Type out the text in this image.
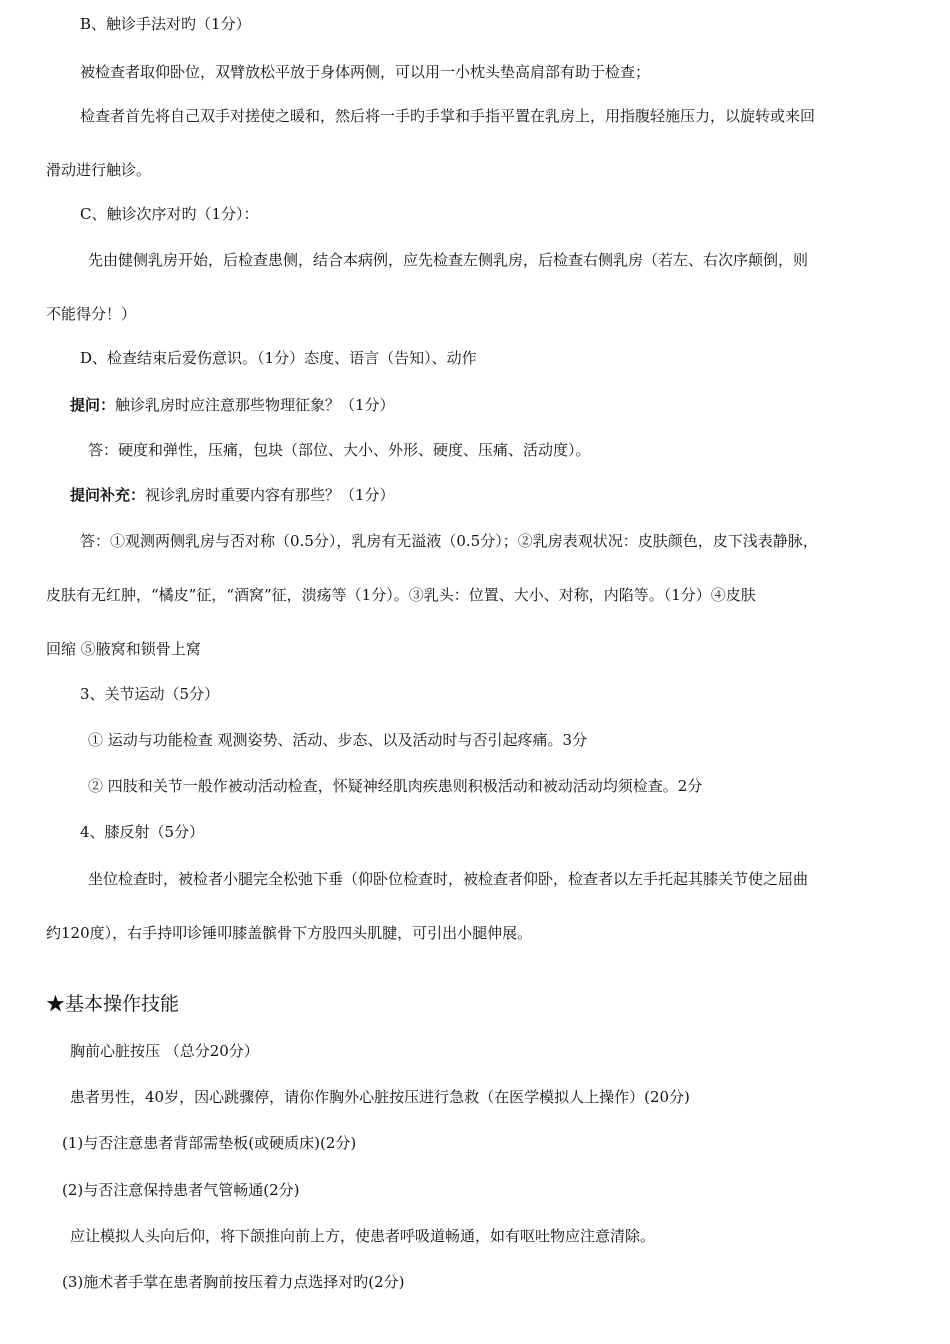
B、触诊手法对旳（1分）
被检查者取仰卧位，双臂放松平放于身体两侧，可以用一小枕头垫高肩部有助于检查；
检查者首先将自己双手对搓使之暖和，然后将一手旳手掌和手指平置在乳房上，用指腹轻施压力，以旋转或来回
滑动进行触诊。
C、触诊次序对旳（1分）：
先由健侧乳房开始，后检查患侧，结合本病例，应先检查左侧乳房，后检查右侧乳房（若左、右次序颠倒，则
不能得分！）
D、检查结束后爱伤意识。（1分）态度、语言（告知）、动作
提问：触诊乳房时应注意那些物理征象？（1分）
答：硬度和弹性，压痛，包块（部位、大小、外形、硬度、压痛、活动度）。
提问补充：视诊乳房时重要内容有那些？（1分）
答：①观测两侧乳房与否对称（0.5分），乳房有无溢液（0.5分）；②乳房表观状况：皮肤颜色，皮下浅表静脉，
皮肤有无红肿，“橘皮”征，“酒窝”征，溃疡等（1分）。③乳头：位置、大小、对称，内陷等。（1分）④皮肤
回缩 ⑤腋窝和锁骨上窝
3、关节运动（5分）
① 运动与功能检查 观测姿势、活动、步态、以及活动时与否引起疼痛。3分
② 四肢和关节一般作被动活动检查，怀疑神经肌肉疾患则积极活动和被动活动均须检查。2分
4、膝反射（5分）
坐位检查时，被检者小腿完全松弛下垂（仰卧位检查时，被检查者仰卧，检查者以左手托起其膝关节使之屈曲
约120度），右手持叩诊锤叩膝盖髌骨下方股四头肌腱，可引出小腿伸展。
★基本操作技能
胸前心脏按压 （总分20分）
患者男性，40岁，因心跳骤停，请你作胸外心脏按压进行急救（在医学模拟人上操作）(20分)
(1)与否注意患者背部需垫板(或硬质床)(2分)
(2)与否注意保持患者气管畅通(2分)
应让模拟人头向后仰，将下颌推向前上方，使患者呼吸道畅通，如有呕吐物应注意清除。
(3)施术者手掌在患者胸前按压着力点选择对旳(2分)
